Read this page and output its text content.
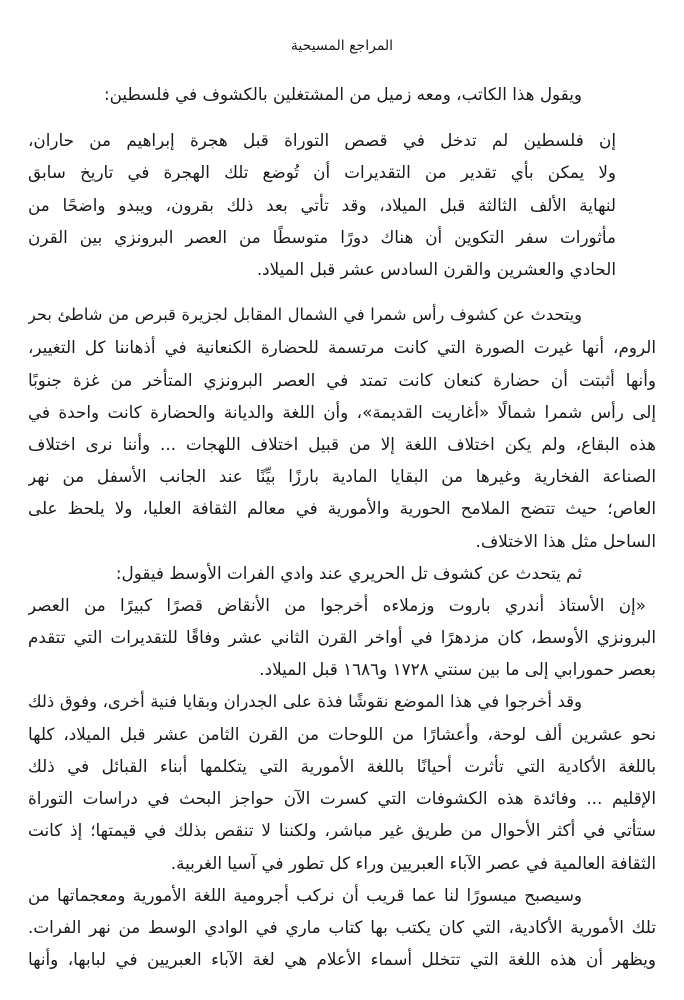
المراجع المسيحية
ويقول هذا الكاتب، ومعه زميل من المشتغلين بالكشوف في فلسطين:
إن فلسطين لم تدخل في قصص التوراة قبل هجرة إبراهيم من حاران،
ولا يمكن بأي تقدير من التقديرات أن تُوضع تلك الهجرة في تاريخ سابق
لنهاية الألف الثالثة قبل الميلاد، وقد تأتي بعد ذلك بقرون، ويبدو واضحًا من
مأثورات سفر التكوين أن هناك دورًا متوسطًا من العصر البرونزي بين القرن
الحادي والعشرين والقرن السادس عشر قبل الميلاد.
ويتحدث عن كشوف رأس شمرا في الشمال المقابل لجزيرة قبرص من شاطئ بحر
الروم، أنها غيرت الصورة التي كانت مرتسمة للحضارة الكنعانية في أذهاننا كل التغيير،
وأنها أثبتت أن حضارة كنعان كانت تمتد في العصر البرونزي المتأخر من غزة جنوبًا
إلى رأس شمرا شمالًا «أغاريت القديمة»، وأن اللغة والديانة والحضارة كانت واحدة في
هذه البقاع، ولم يكن اختلاف اللغة إلا من قبيل اختلاف اللهجات ... وأننا نرى اختلاف
الصناعة الفخارية وغيرها من البقايا المادية بارزًا بيِّنًا عند الجانب الأسفل من نهر
العاص؛ حيث تتضح الملامح الحورية والأمورية في معالم الثقافة العليا، ولا يلحظ على
الساحل مثل هذا الاختلاف.
ثم يتحدث عن كشوف تل الحريري عند وادي الفرات الأوسط فيقول:
«إن الأستاذ أندري باروت وزملاءه أخرجوا من الأنقاض قصرًا كبيرًا من العصر
البرونزي الأوسط، كان مزدهرًا في أواخر القرن الثاني عشر وفاقًا للتقديرات التي تتقدم
بعصر حمورابي إلى ما بين سنتي ١٧٢٨ و١٦٨٦ قبل الميلاد.
وقد أخرجوا في هذا الموضع نقوشًا فذة على الجدران وبقايا فنية أخرى، وفوق ذلك
نحو عشرين ألف لوحة، وأعشارًا من اللوحات من القرن الثامن عشر قبل الميلاد، كلها
باللغة الأكادية التي تأثرت أحيانًا باللغة الأمورية التي يتكلمها أبناء القبائل في ذلك
الإقليم ... وفائدة هذه الكشوفات التي كسرت الآن حواجز البحث في دراسات التوراة
ستأتي في أكثر الأحوال من طريق غير مباشر، ولكننا لا تنقص بذلك في قيمتها؛ إذ كانت
الثقافة العالمية في عصر الآباء العبريين وراء كل تطور في آسيا الغربية.
وسيصبح ميسورًا لنا عما قريب أن نركب أجرومية اللغة الأمورية ومعجماتها من
تلك الأمورية الأكادية، التي كان يكتب بها كتاب ماري في الوادي الوسط من نهر الفرات.
ويظهر أن هذه اللغة التي تتخلل أسماء الأعلام هي لغة الآباء العبريين في لبابها، وأنها
